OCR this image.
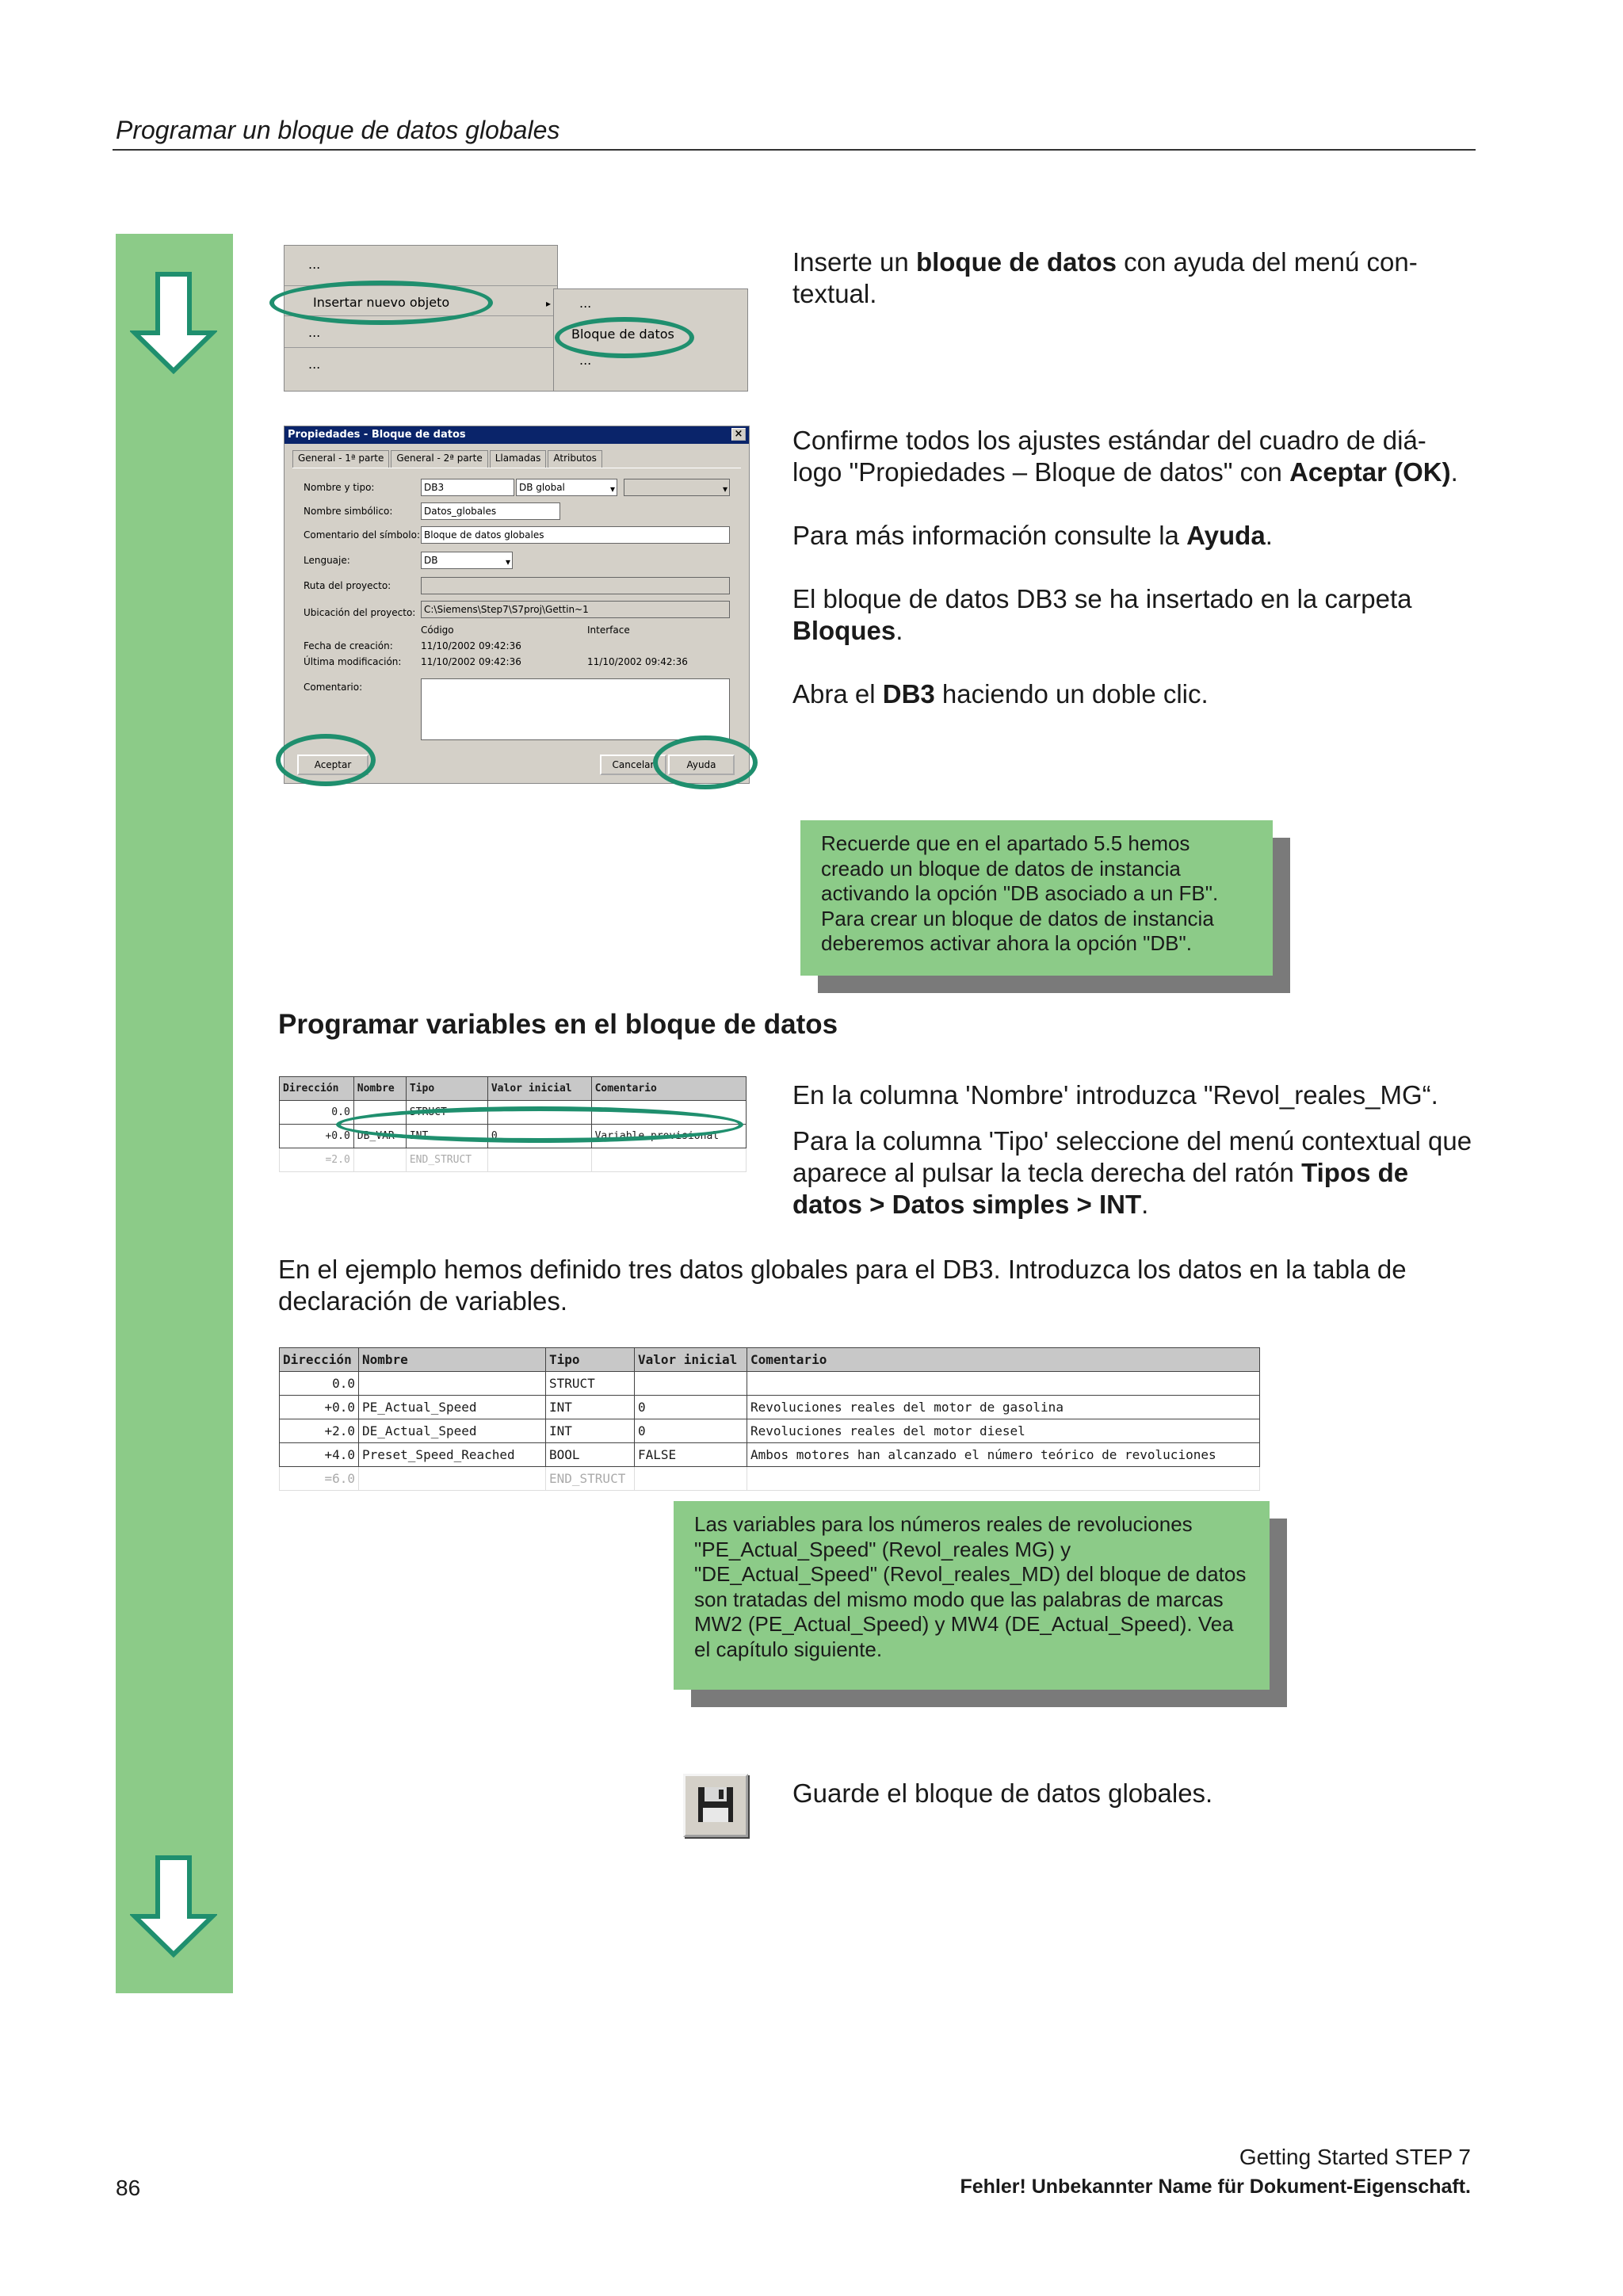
Programar un bloque de datos globales
...
Insertar nuevo objeto	▸
...
...
...
Bloque de datos
...
Inserte un bloque de datos con ayuda del menú con-textual.
Propiedades - Bloque de datos	×
General - 1ª parte	General - 2ª parte	Llamadas	Atributos
Nombre y tipo:	DB3	DB global	▾	▾
Nombre simbólico:	Datos_globales
Comentario del símbolo: Bloque de datos globales
Lenguaje:	DB	▾
Ruta del proyecto:
Ubicación del proyecto: C:\Siemens\Step7\S7proj\Gettin~1
Código	Interface
Fecha de creación:	11/10/2002 09:42:36
Última modificación: 11/10/2002 09:42:36	11/10/2002 09:42:36
Comentario:
Aceptar	Cancelar	Ayuda

Confirme todos los ajustes estándar del cuadro de diá-logo "Propiedades – Bloque de datos" con Aceptar (OK).

Para más información consulte la Ayuda.

El bloque de datos DB3 se ha insertado en la carpeta Bloques.

Abra el DB3 haciendo un doble clic.

Recuerde que en el apartado 5.5 hemos creado un bloque de datos de instancia activando la opción "DB asociado a un FB". Para crear un bloque de datos de instancia deberemos activar ahora la opción "DB".
Programar variables en el bloque de datos
Dirección	Nombre	Tipo	Valor inicial	Comentario
0.0		STRUCT		
+0.0	DB_VAR	INT	0	Variable provisional
=2.0		END_STRUCT		

En la columna 'Nombre' introduzca "Revol_reales_MG“.

Para la columna 'Tipo' seleccione del menú contextual que aparece al pulsar la tecla derecha del ratón Tipos de datos > Datos simples > INT.

En el ejemplo hemos definido tres datos globales para el DB3. Introduzca los datos en la tabla de declaración de variables.
Dirección	Nombre	Tipo	Valor inicial	Comentario
0.0		STRUCT		
+0.0	PE_Actual_Speed	INT	0	Revoluciones reales del motor de gasolina
+2.0	DE_Actual_Speed	INT	0	Revoluciones reales del motor diesel
+4.0	Preset_Speed_Reached	BOOL	FALSE	Ambos motores han alcanzado el número teórico de revoluciones
=6.0		END_STRUCT		
Las variables para los números reales de revoluciones "PE_Actual_Speed" (Revol_reales MG) y "DE_Actual_Speed" (Revol_reales_MD) del bloque de datos son tratadas del mismo modo que las palabras de marcas MW2 (PE_Actual_Speed) y MW4 (DE_Actual_Speed). Vea el capítulo siguiente.
Guarde el bloque de datos globales.
86
Getting Started STEP 7
Fehler! Unbekannter Name für Dokument-Eigenschaft.
